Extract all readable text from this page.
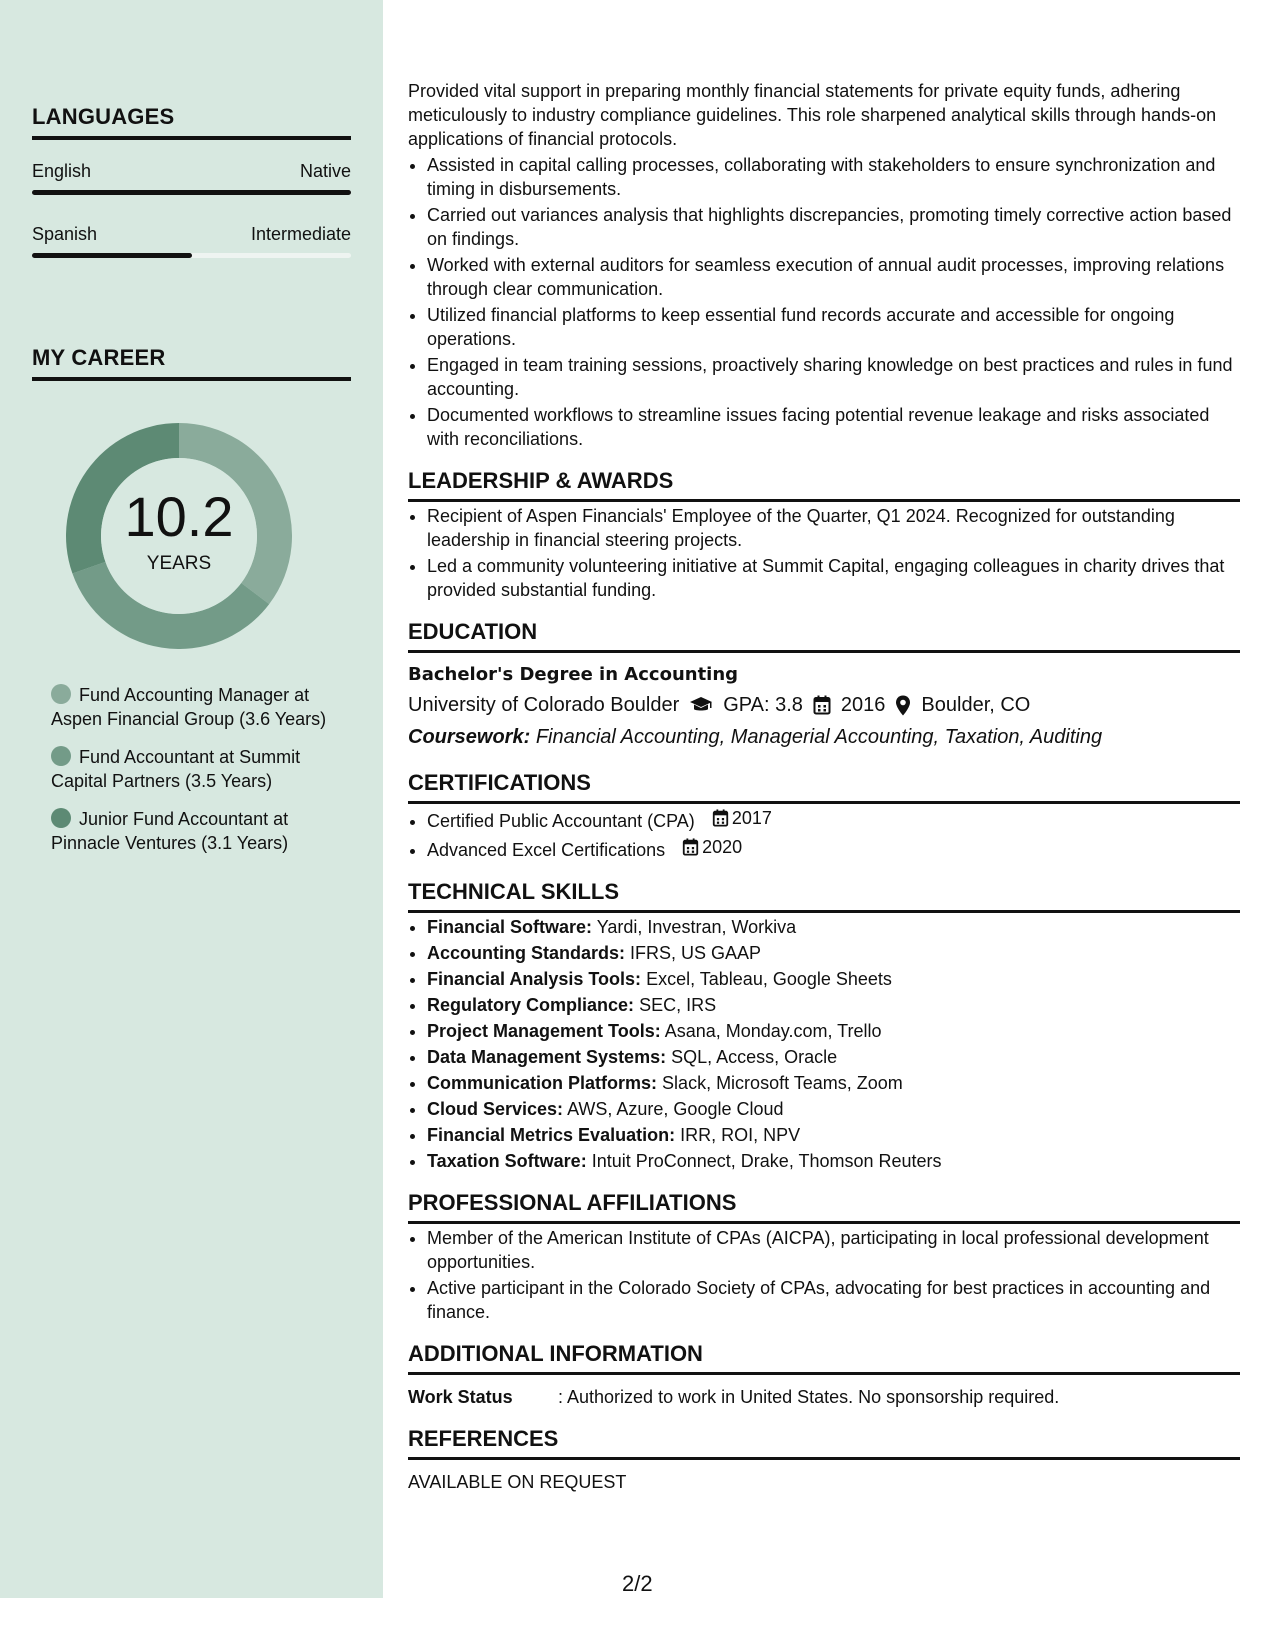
LANGUAGES
English	Native
Spanish	Intermediate
MY CAREER
10.2
YEARS
Fund Accounting Manager at Aspen Financial Group (3.6 Years)
Fund Accountant at Summit Capital Partners (3.5 Years)
Junior Fund Accountant at Pinnacle Ventures (3.1 Years)

Provided vital support in preparing monthly financial statements for private equity funds, adhering meticulously to industry compliance guidelines. This role sharpened analytical skills through hands-on applications of financial protocols.

• Assisted in capital calling processes, collaborating with stakeholders to ensure synchronization and timing in disbursements.
• Carried out variances analysis that highlights discrepancies, promoting timely corrective action based on findings.
• Worked with external auditors for seamless execution of annual audit processes, improving relations through clear communication.
• Utilized financial platforms to keep essential fund records accurate and accessible for ongoing operations.
• Engaged in team training sessions, proactively sharing knowledge on best practices and rules in fund accounting.
• Documented workflows to streamline issues facing potential revenue leakage and risks associated with reconciliations.
LEADERSHIP & AWARDS
• Recipient of Aspen Financials' Employee of the Quarter, Q1 2024. Recognized for outstanding leadership in financial steering projects.
• Led a community volunteering initiative at Summit Capital, engaging colleagues in charity drives that provided substantial funding.
EDUCATION
Bachelor's Degree in Accounting
University of Colorado Boulder GPA: 3.8 2016 Boulder, CO
Coursework: Financial Accounting, Managerial Accounting, Taxation, Auditing
CERTIFICATIONS
• Certified Public Accountant (CPA) 2017
• Advanced Excel Certifications 2020
TECHNICAL SKILLS
• Financial Software: Yardi, Investran, Workiva
• Accounting Standards: IFRS, US GAAP
• Financial Analysis Tools: Excel, Tableau, Google Sheets
• Regulatory Compliance: SEC, IRS
• Project Management Tools: Asana, Monday.com, Trello
• Data Management Systems: SQL, Access, Oracle
• Communication Platforms: Slack, Microsoft Teams, Zoom
• Cloud Services: AWS, Azure, Google Cloud
• Financial Metrics Evaluation: IRR, ROI, NPV
• Taxation Software: Intuit ProConnect, Drake, Thomson Reuters
PROFESSIONAL AFFILIATIONS
• Member of the American Institute of CPAs (AICPA), participating in local professional development opportunities.
• Active participant in the Colorado Society of CPAs, advocating for best practices in accounting and finance.
ADDITIONAL INFORMATION
Work Status	: Authorized to work in United States. No sponsorship required.
REFERENCES
AVAILABLE ON REQUEST
2/2
